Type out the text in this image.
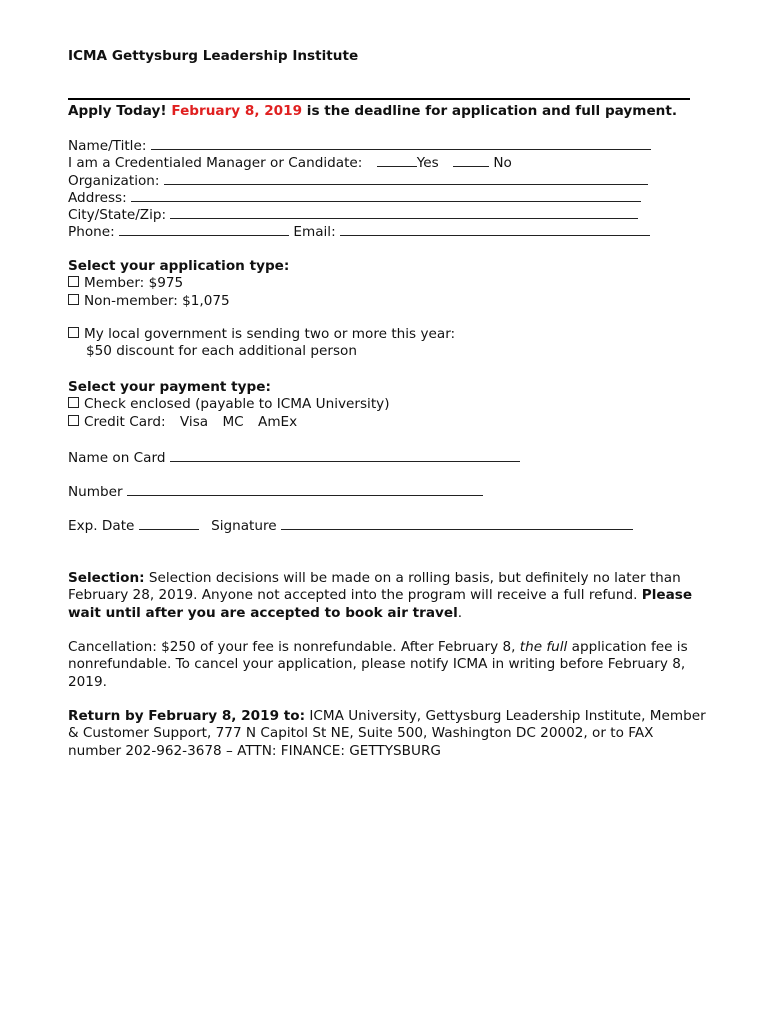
ICMA Gettysburg Leadership Institute
Apply Today! February 8, 2019 is the deadline for application and full payment.
Name/Title:
I am a Credentialed Manager or Candidate:	Yes	No
Organization:
Address:
City/State/Zip:
Phone:	Email:
Select your application type:
Member: $975
Non-member: $1,075
My local government is sending two or more this year:
$50 discount for each additional person
Select your payment type:
Check enclosed (payable to ICMA University)
Credit Card: Visa MC AmEx
Name on Card
Number
Exp. Date	Signature
Selection: Selection decisions will be made on a rolling basis, but definitely no later than February 28, 2019. Anyone not accepted into the program will receive a full refund. Please wait until after you are accepted to book air travel.
Cancellation: $250 of your fee is nonrefundable. After February 8, the full application fee is nonrefundable. To cancel your application, please notify ICMA in writing before February 8, 2019.
Return by February 8, 2019 to: ICMA University, Gettysburg Leadership Institute, Member & Customer Support, 777 N Capitol St NE, Suite 500, Washington DC 20002, or to FAX number 202-962-3678 – ATTN: FINANCE: GETTYSBURG
